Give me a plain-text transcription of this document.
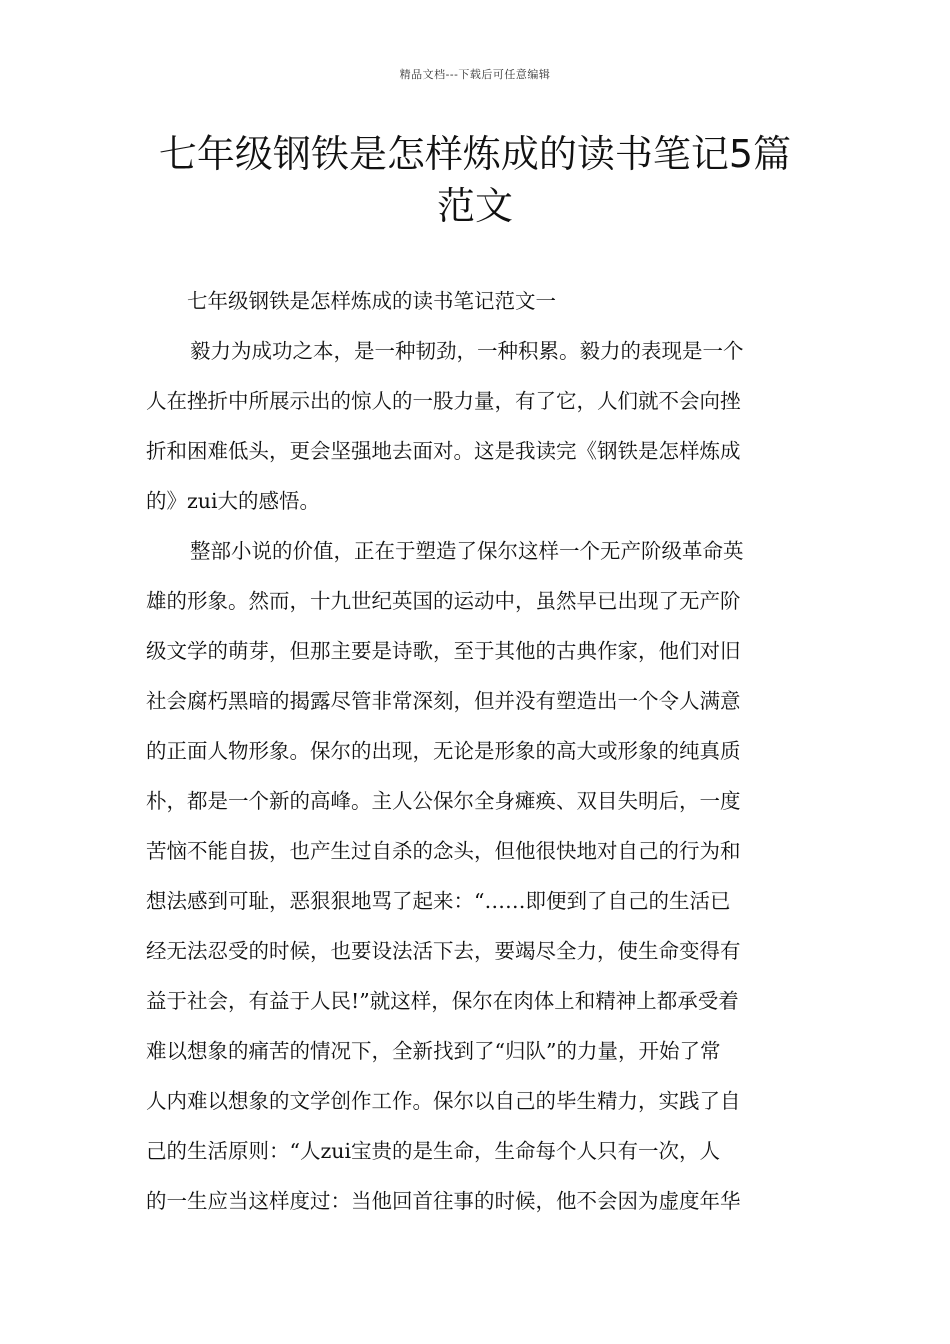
精品文档---下载后可任意编辑
七年级钢铁是怎样炼成的读书笔记5篇
范文

七年级钢铁是怎样炼成的读书笔记范文一

毅力为成功之本，是一种韧劲，一种积累。毅力的表现是一个

人在挫折中所展示出的惊人的一股力量，有了它，人们就不会向挫

折和困难低头，更会坚强地去面对。这是我读完《钢铁是怎样炼成

的》zui大的感悟。

整部小说的价值，正在于塑造了保尔这样一个无产阶级革命英

雄的形象。然而，十九世纪英国的运动中，虽然早已出现了无产阶

级文学的萌芽，但那主要是诗歌，至于其他的古典作家，他们对旧

社会腐朽黑暗的揭露尽管非常深刻，但并没有塑造出一个令人满意

的正面人物形象。保尔的出现，无论是形象的高大或形象的纯真质

朴，都是一个新的高峰。主人公保尔全身瘫痪、双目失明后，一度

苦恼不能自拔，也产生过自杀的念头，但他很快地对自己的行为和

想法感到可耻，恶狠狠地骂了起来：“……即便到了自己的生活已

经无法忍受的时候，也要设法活下去，要竭尽全力，使生命变得有

益于社会，有益于人民!”就这样，保尔在肉体上和精神上都承受着

难以想象的痛苦的情况下，全新找到了“归队”的力量，开始了常

人内难以想象的文学创作工作。保尔以自己的毕生精力，实践了自

己的生活原则：“人zui宝贵的是生命，生命每个人只有一次，人

的一生应当这样度过：当他回首往事的时候，他不会因为虚度年华
